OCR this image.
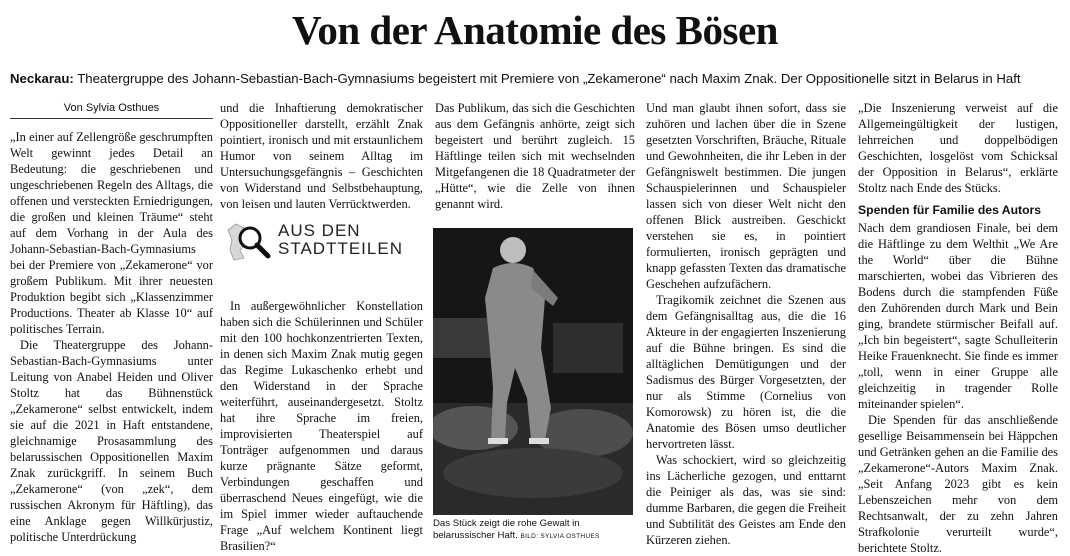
Von der Anatomie des Bösen
Neckarau: Theatergruppe des Johann-Sebastian-Bach-Gymnasiums begeistert mit Premiere von „Zekamerone“ nach Maxim Znak. Der Oppositionelle sitzt in Belarus in Haft
Von Sylvia Osthues

„In einer auf Zellengröße geschrumpften Welt gewinnt jedes Detail an Bedeutung: die geschriebenen und ungeschriebenen Regeln des Alltags, die offenen und versteckten Erniedrigungen, die großen und kleinen Träume“ steht auf dem Vorhang in der Aula des Johann-Sebastian-Bach-Gymnasiums bei der Premiere von „Zekamerone“ vor großem Publikum. Mit ihrer neuesten Produktion begibt sich „Klassenzimmer Productions. Theater ab Klasse 10“ auf politisches Terrain.

Die Theatergruppe des Johann-Sebastian-Bach-Gymnasiums unter Leitung von Anabel Heiden und Oliver Stoltz hat das Bühnenstück „Zekamerone“ selbst entwickelt, indem sie auf die 2021 in Haft entstandene, gleichnamige Prosasammlung des belarussischen Oppositionellen Maxim Znak zurückgriff. In seinem Buch „Zekamerone“ (von „zek“, dem russischen Akronym für Häftling), das eine Anklage gegen Willkürjustiz, politische Unterdrückung

und die Inhaftierung demokratischer Oppositioneller darstellt, erzählt Znak pointiert, ironisch und mit erstaunlichem Humor von seinem Alltag im Untersuchungsgefängnis – Geschichten von Widerstand und Selbstbehauptung, von leisen und lauten Verrücktwerden.

AUS DEN
STADTTEILEN

In außergewöhnlicher Konstellation haben sich die Schülerinnen und Schüler mit den 100 hochkonzentrierten Texten, in denen sich Maxim Znak mutig gegen das Regime Lukaschenko erhebt und den Widerstand in der Sprache weiterführt, auseinandergesetzt. Stoltz hat ihre Sprache im freien, improvisierten Theaterspiel auf Tonträger aufgenommen und daraus kurze prägnante Sätze geformt, Verbindungen geschaffen und überraschend Neues eingefügt, wie die im Spiel immer wieder auftauchende Frage „Auf welchem Kontinent liegt Brasilien?“

Das Publikum, das sich die Geschichten aus dem Gefängnis anhörte, zeigt sich begeistert und berührt zugleich. 15 Häftlinge teilen sich mit wechselnden Mitgefangenen die 18 Quadratmeter der „Hütte“, wie die Zelle von ihnen genannt wird.

Das Stück zeigt die rohe Gewalt in belarussischer Haft. BILD: SYLVIA OSTHUES

Und man glaubt ihnen sofort, dass sie zuhören und lachen über die in Szene gesetzten Vorschriften, Bräuche, Rituale und Gewohnheiten, die ihr Leben in der Gefängniswelt bestimmen. Die jungen Schauspielerinnen und Schauspieler lassen sich von dieser Welt nicht den offenen Blick austreiben. Geschickt verstehen sie es, in pointiert formulierten, ironisch geprägten und knapp gefassten Texten das dramatische Geschehen aufzufächern.

Tragikomik zeichnet die Szenen aus dem Gefängnisalltag aus, die die 16 Akteure in der engagierten Inszenierung auf die Bühne bringen. Es sind die alltäglichen Demütigungen und der Sadismus des Bürger Vorgesetzten, der nur als Stimme (Cornelius von Komorowsk) zu hören ist, die die Anatomie des Bösen umso deutlicher hervortreten lässt.

Was schockiert, wird so gleichzeitig ins Lächerliche gezogen, und enttarnt die Peiniger als das, was sie sind: dumme Barbaren, die gegen die Freiheit und Subtilität des Geistes am Ende den Kürzeren ziehen.

„Die Inszenierung verweist auf die Allgemeingültigkeit der lustigen, lehrreichen und doppelbödigen Geschichten, losgelöst vom Schicksal der Opposition in Belarus“, erklärte Stoltz nach Ende des Stücks.

Spenden für Familie des Autors

Nach dem grandiosen Finale, bei dem die Häftlinge zu dem Welthit „We Are the World“ über die Bühne marschierten, wobei das Vibrieren des Bodens durch die stampfenden Füße den Zuhörenden durch Mark und Bein ging, brandete stürmischer Beifall auf. „Ich bin begeistert“, sagte Schulleiterin Heike Frauenknecht. Sie finde es immer „toll, wenn in einer Gruppe alle gleichzeitig in tragender Rolle miteinander spielen“.

Die Spenden für das anschließende gesellige Beisammensein bei Häppchen und Getränken gehen an die Familie des „Zekamerone“-Autors Maxim Znak. „Seit Anfang 2023 gibt es kein Lebenszeichen mehr von dem Rechtsanwalt, der zu zehn Jahren Strafkolonie verurteilt wurde“, berichtete Stoltz.
